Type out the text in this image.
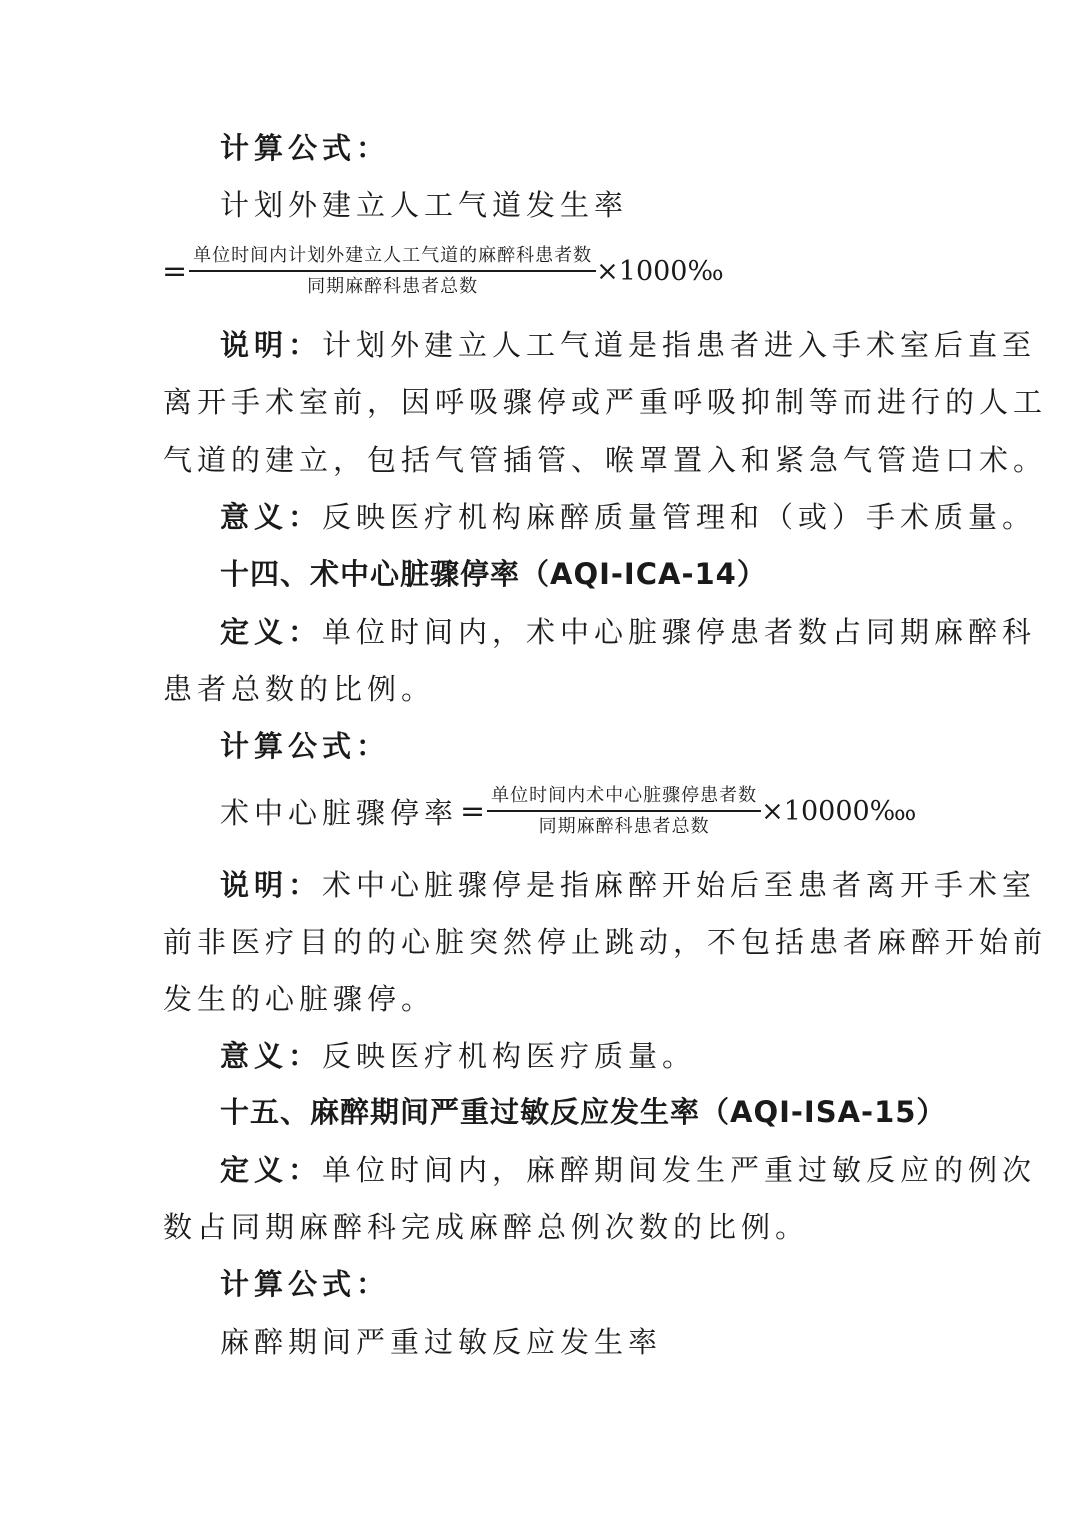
计算公式：
计划外建立人工气道发生率
= $\frac{\text{单位时间内计划外建立人工气道的麻醉科患者数}}{\text{同期麻醉科患者总数}}$ ×1000‰
说明：计划外建立人工气道是指患者进入手术室后直至
离开手术室前，因呼吸骤停或严重呼吸抑制等而进行的人工
气道的建立，包括气管插管、喉罩置入和紧急气管造口术。
意义：反映医疗机构麻醉质量管理和（或）手术质量。
十四、术中心脏骤停率（AQI-ICA-14）
定义：单位时间内，术中心脏骤停患者数占同期麻醉科
患者总数的比例。
计算公式：
术中心脏骤停率 = $\frac{\text{单位时间内术中心脏骤停患者数}}{\text{同期麻醉科患者总数}}$ ×10000‱
说明：术中心脏骤停是指麻醉开始后至患者离开手术室
前非医疗目的的心脏突然停止跳动，不包括患者麻醉开始前
发生的心脏骤停。
意义：反映医疗机构医疗质量。
十五、麻醉期间严重过敏反应发生率（AQI-ISA-15）
定义：单位时间内，麻醉期间发生严重过敏反应的例次
数占同期麻醉科完成麻醉总例次数的比例。
计算公式：
麻醉期间严重过敏反应发生率
